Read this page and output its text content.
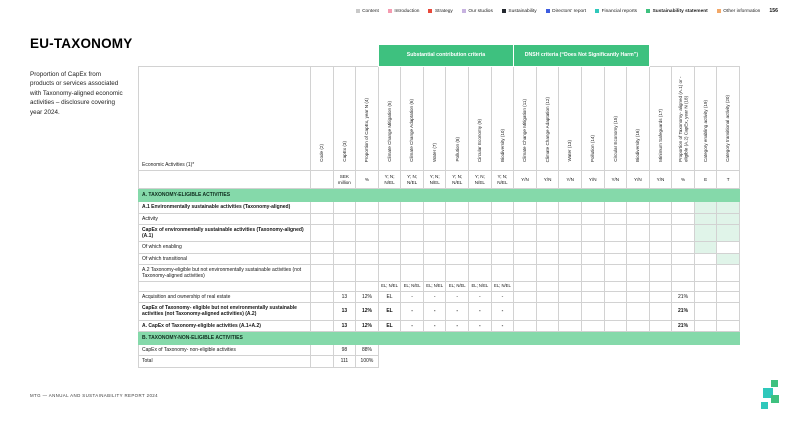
Content	Introduction	Strategy	Our studios	Sustainability	Directors' report	Financial reports	Sustainability statement	Other information 156
EU-TAXONOMY

Proportion of CapEx from products or services associated with Taxonomy-aligned economic activities – disclosure covering year 2024.

				Substantial contribution criteria						DNSH criteria (“Does Not Significantly Harm”)									
Economic Activities (1)*	Code (2)	CapEx (3)	Proportion of CapEx, year N (4)	Climate Change Mitigation (5)	Climate Change Adaptation (6)	Water (7)	Pollution (8)	Circular Economy (9)	Biodiversity (10)	Climate Change Mitigation (11)	Climate Change Adaptation (12)	Water (13)	Pollution (14)	Circular Economy (15)	Biodiversity (16)	Minimum Safeguards (17)	Proportion of Taxonomy- aligned (A.1) or -eligible (A.2) CapEx, year N (18)	Category enabling activity (19)	Category transitional activity (20)
		SEK million	%	Y; N; N/EL	Y; N; N/EL	Y; N; N/EL	Y; N; N/EL	Y; N; N/EL	Y; N; N/EL	Y/N	Y/N	Y/N	Y/N	Y/N	Y/N	Y/N	%	E	T
A. TAXONOMY-ELIGIBLE ACTIVITIES																			
A.1 Environmentally sustainable activities (Taxonomy-aligned)																			
Activity																			
CapEx of environmentally sustainable activities (Taxonomy-aligned) (A.1)																			
Of which enabling																			
Of which transitional																			
A.2 Taxonomy-eligible but not environmentally sustainable activities (not Taxonomy-aligned activities)																			
				EL; N/EL	EL; N/EL	EL; N/EL	EL; N/EL	EL; N/EL	EL; N/EL										
Acquisition and ownership of real estate		13	12%	EL	-	-	-	-	-								21%		
CapEx of Taxonomy- eligible but not environmentally sustainable activities (not Taxonomy-aligned activities) (A.2)		13	12%	EL	-	-	-	-	-								21%		
A. CapEx of Taxonomy-eligible activities (A.1+A.2)		13	12%	EL	-	-	-	-	-								21%		
B. TAXONOMY-NON-ELIGIBLE ACTIVITIES																			
CapEx of Taxonomy- non-eligible activities		98	88%																
Total		111	100%																
MTG — ANNUAL AND SUSTAINABILITY REPORT 2024
